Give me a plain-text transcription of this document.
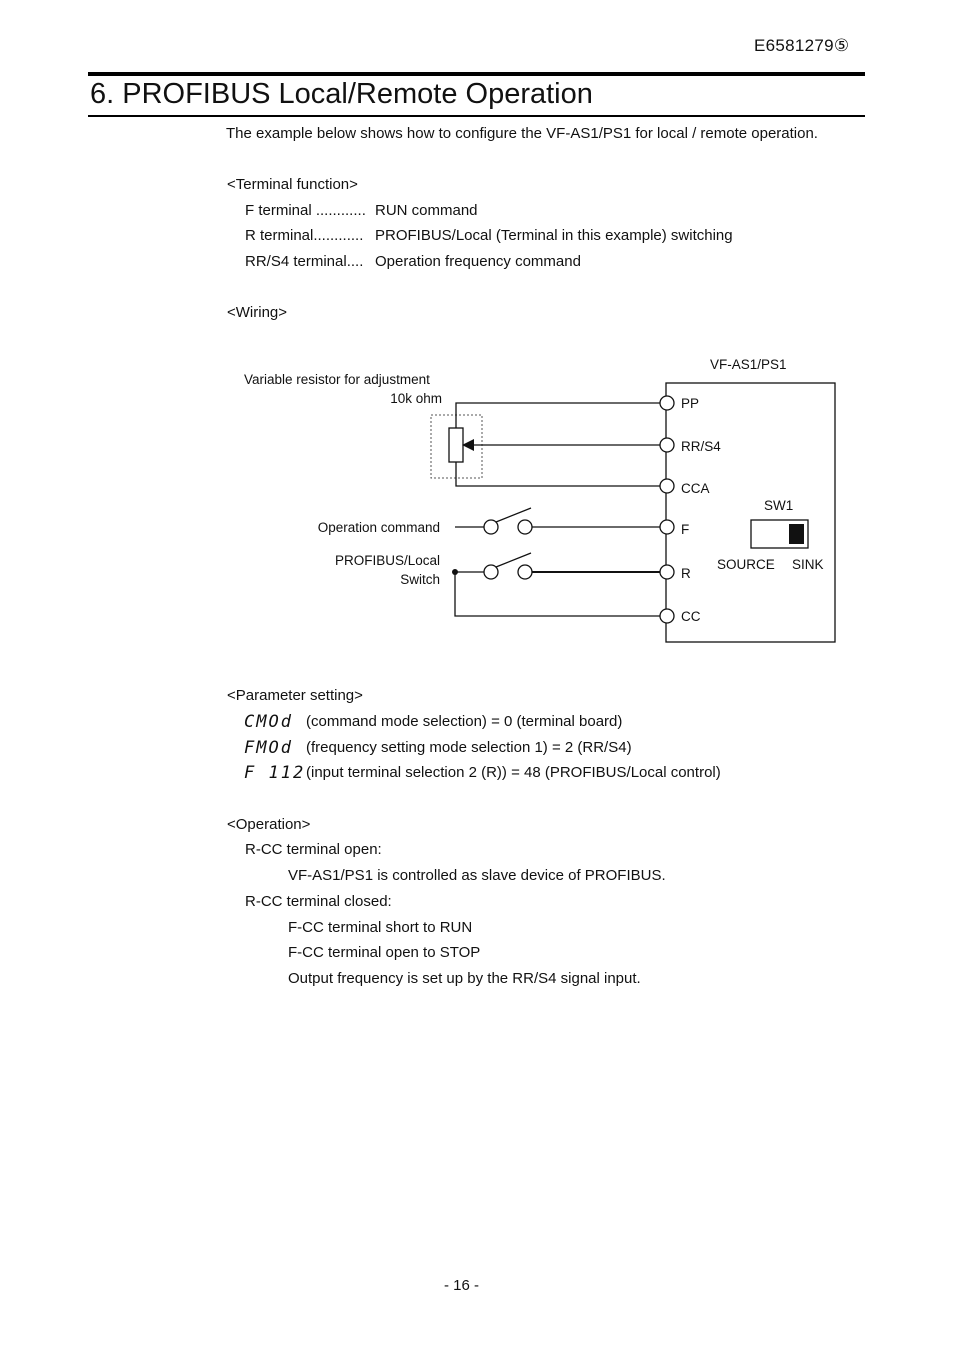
E6581279⑤
6. PROFIBUS Local/Remote Operation
The example below shows how to configure the VF-AS1/PS1 for local / remote operation.
<Terminal function>
F terminal ............ RUN command
R terminal............ PROFIBUS/Local (Terminal in this example) switching
RR/S4 terminal.... Operation frequency command
<Wiring>
VF-AS1/PS1
Variable resistor for adjustment
10k ohm	PP
RR/S4
CCA
F
R
CC
Operation command
PROFIBUS/Local
Switch
SW1
SOURCE SINK
<Parameter setting>
CMOd (command mode selection) = 0 (terminal board)
FMOd (frequency setting mode selection 1) = 2 (RR/S4)
F 112 (input terminal selection 2 (R)) = 48 (PROFIBUS/Local control)
<Operation>
R-CC terminal open:
VF-AS1/PS1 is controlled as slave device of PROFIBUS.
R-CC terminal closed:
F-CC terminal short to RUN
F-CC terminal open to STOP
Output frequency is set up by the RR/S4 signal input.
- 16 -
